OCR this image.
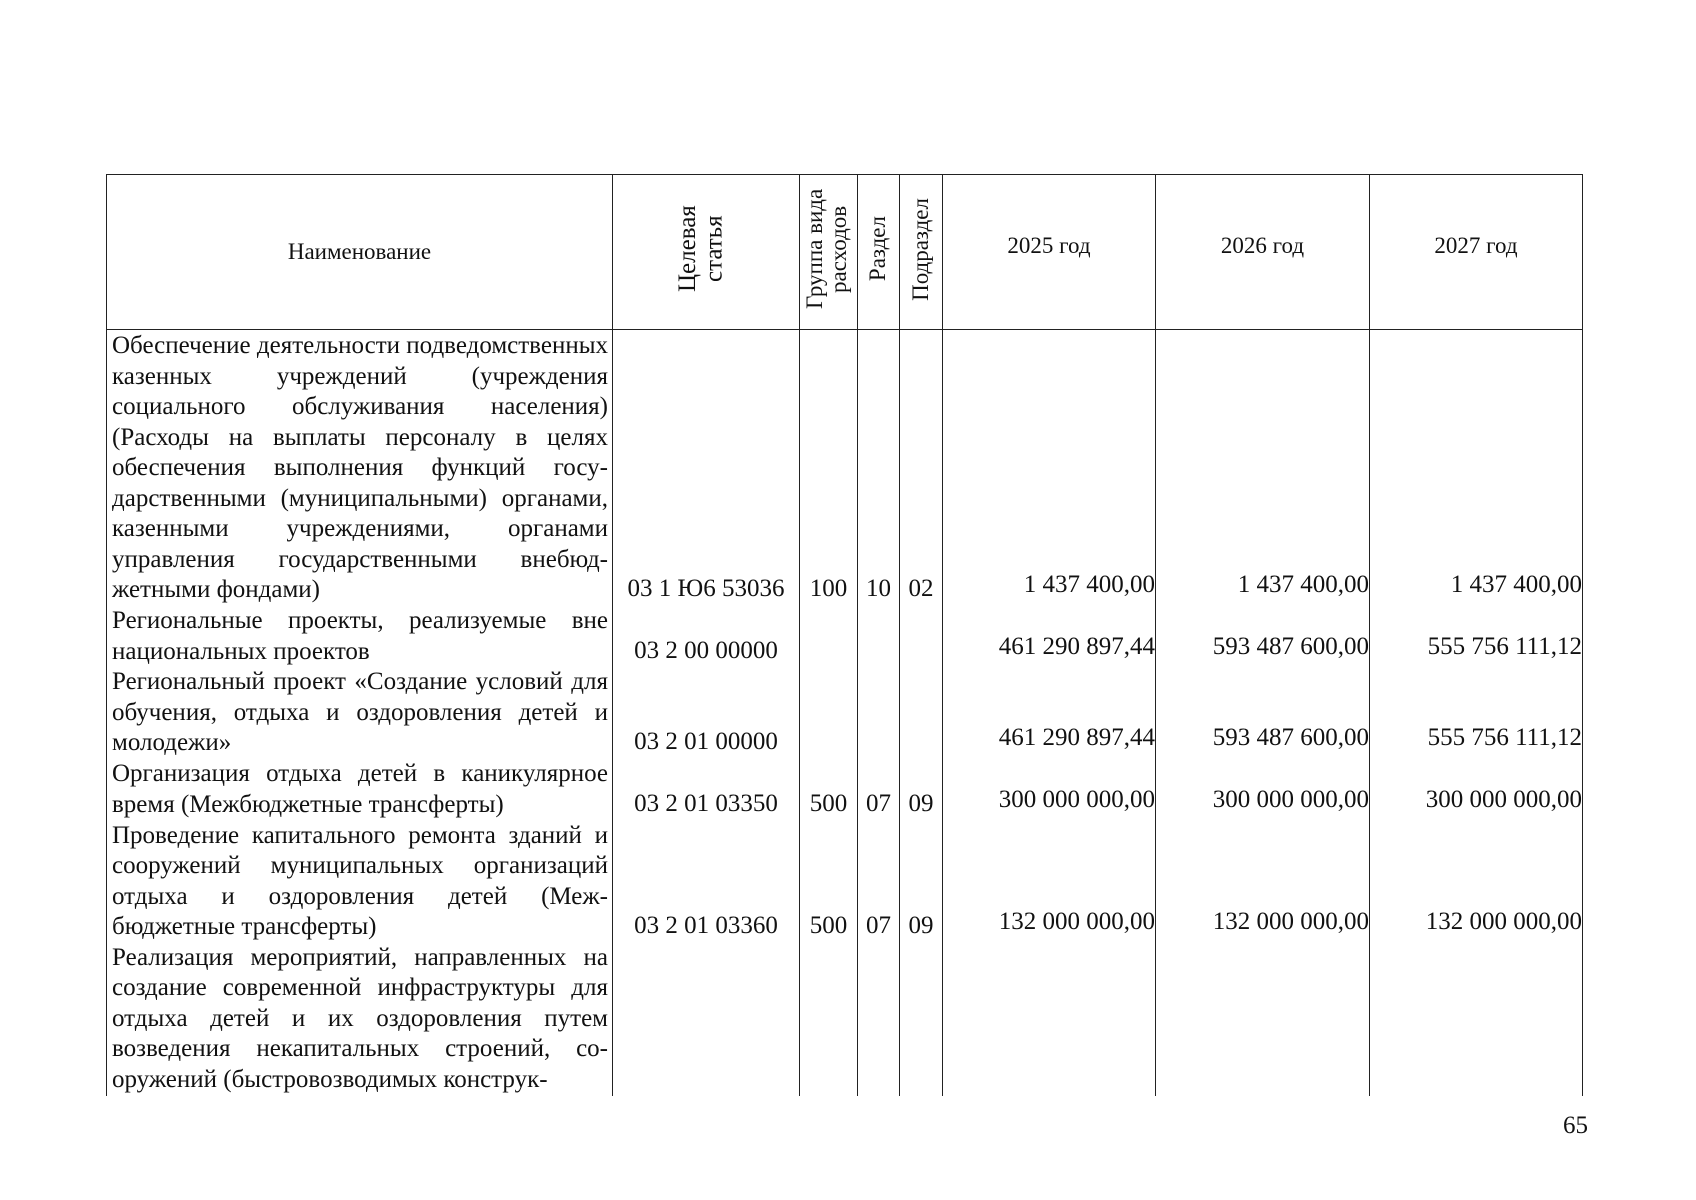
Наименование	Целевая статья	Группа вида расходов	Раздел	Подраздел	2025 год	2026 год	2027 год
Обеспечение деятельности подведомственных казенных учреждений (учреждения социального обслуживания населения) (Расходы на выплаты персоналу в целях обеспечения выполнения функций государственными (муниципальными) органами, казенными учреждениями, органами управления государственными внебюджетными фондами)	03 1 Ю6 53036	100	10	02	1 437 400,00	1 437 400,00	1 437 400,00
Региональные проекты, реализуемые вне национальных проектов	03 2 00 00000				461 290 897,44	593 487 600,00	555 756 111,12
Региональный проект «Создание условий для обучения, отдыха и оздоровления детей и молодежи»	03 2 01 00000				461 290 897,44	593 487 600,00	555 756 111,12
Организация отдыха детей в каникулярное время (Межбюджетные трансферты)	03 2 01 03350	500	07	09	300 000 000,00	300 000 000,00	300 000 000,00
Проведение капитального ремонта зданий и сооружений муниципальных организаций отдыха и оздоровления детей (Межбюджетные трансферты)	03 2 01 03360	500	07	09	132 000 000,00	132 000 000,00	132 000 000,00
Реализация мероприятий, направленных на создание современной инфраструктуры для отдыха детей и их оздоровления путем возведения некапитальных строений, сооружений (быстровозводимых конструк-							
65
